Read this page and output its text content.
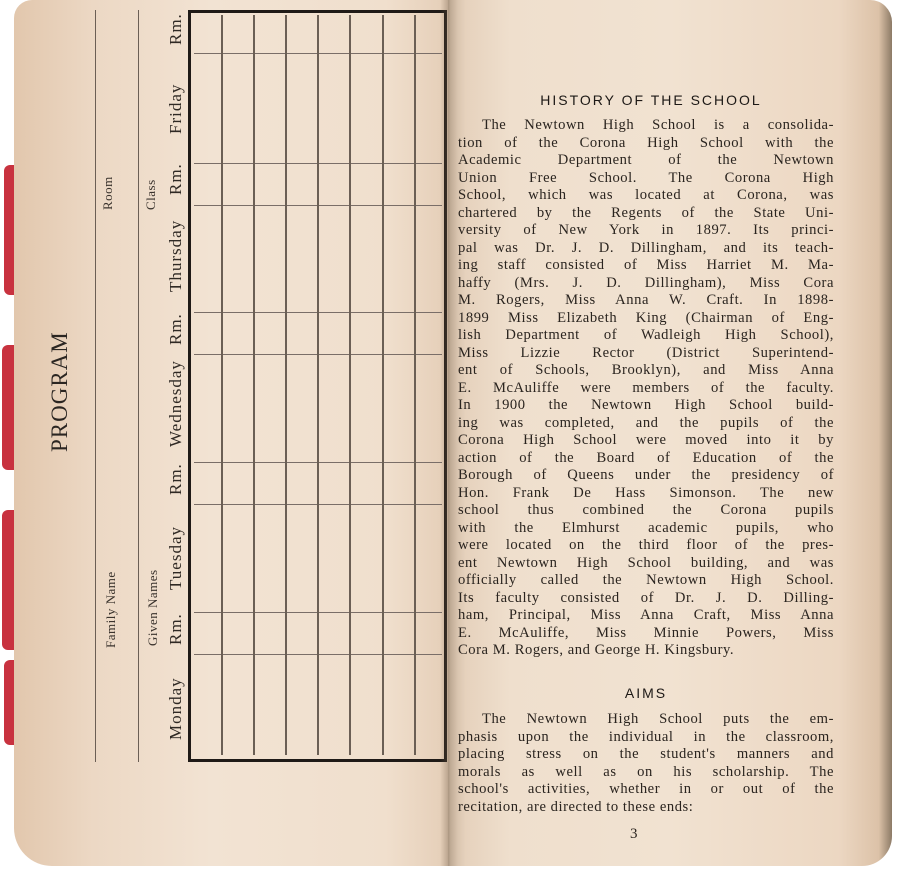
PROGRAM
Family Name
Room
Given Names
Class
Monday
Rm.
Tuesday
Rm.
Wednesday
Rm.
Thursday
Rm.
Friday
Rm.
HISTORY OF THE SCHOOL
The Newtown High School is a consolida-
tion of the Corona High School with the
Academic Department of the Newtown
Union Free School. The Corona High
School, which was located at Corona, was
chartered by the Regents of the State Uni-
versity of New York in 1897. Its princi-
pal was Dr. J. D. Dillingham, and its teach-
ing staff consisted of Miss Harriet M. Ma-
haffy (Mrs. J. D. Dillingham), Miss Cora
M. Rogers, Miss Anna W. Craft. In 1898-
1899 Miss Elizabeth King (Chairman of Eng-
lish Department of Wadleigh High School),
Miss Lizzie Rector (District Superintend-
ent of Schools, Brooklyn), and Miss Anna
E. McAuliffe were members of the faculty.
In 1900 the Newtown High School build-
ing was completed, and the pupils of the
Corona High School were moved into it by
action of the Board of Education of the
Borough of Queens under the presidency of
Hon. Frank De Hass Simonson. The new
school thus combined the Corona pupils
with the Elmhurst academic pupils, who
were located on the third floor of the pres-
ent Newtown High School building, and was
officially called the Newtown High School.
Its faculty consisted of Dr. J. D. Dilling-
ham, Principal, Miss Anna Craft, Miss Anna
E. McAuliffe, Miss Minnie Powers, Miss
Cora M. Rogers, and George H. Kingsbury.
AIMS
The Newtown High School puts the em-
phasis upon the individual in the classroom,
placing stress on the student's manners and
morals as well as on his scholarship. The
school's activities, whether in or out of the
recitation, are directed to these ends:
3
